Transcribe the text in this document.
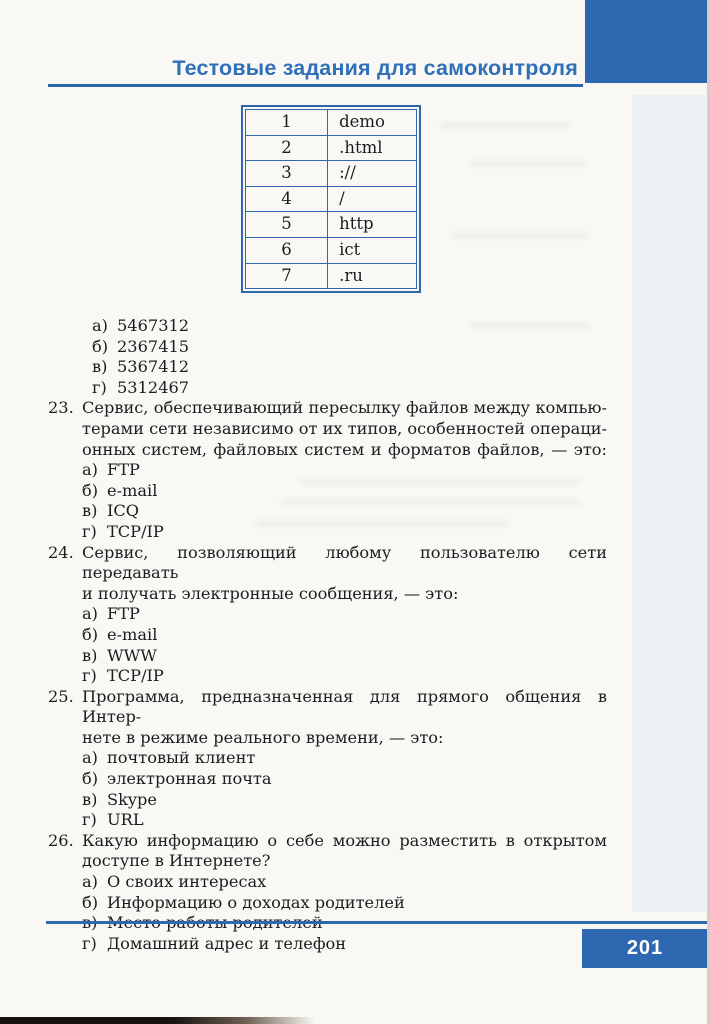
Тестовые задания для самоконтроля
1	demo
2	.html
3	://
4	/
5	http
6	ict
7	.ru
а) 5467312
б) 2367415
в) 5367412
г) 5312467
23. Сервис, обеспечивающий пересылку файлов между компью-
терами сети независимо от их типов, особенностей операци-
онных систем, файловых систем и форматов файлов, — это:
а) FTP
б) e-mail
в) ICQ
г) TCP/IP
24. Сервис, позволяющий любому пользователю сети передавать
и получать электронные сообщения, — это:
а) FTP
б) e-mail
в) WWW
г) TCP/IP
25. Программа, предназначенная для прямого общения в Интер-
нете в режиме реального времени, — это:
а) почтовый клиент
б) электронная почта
в) Skype
г) URL
26. Какую информацию о себе можно разместить в открытом
доступе в Интернете?
а) О своих интересах
б) Информацию о доходах родителей
г) Домашний адрес и телефон	201
